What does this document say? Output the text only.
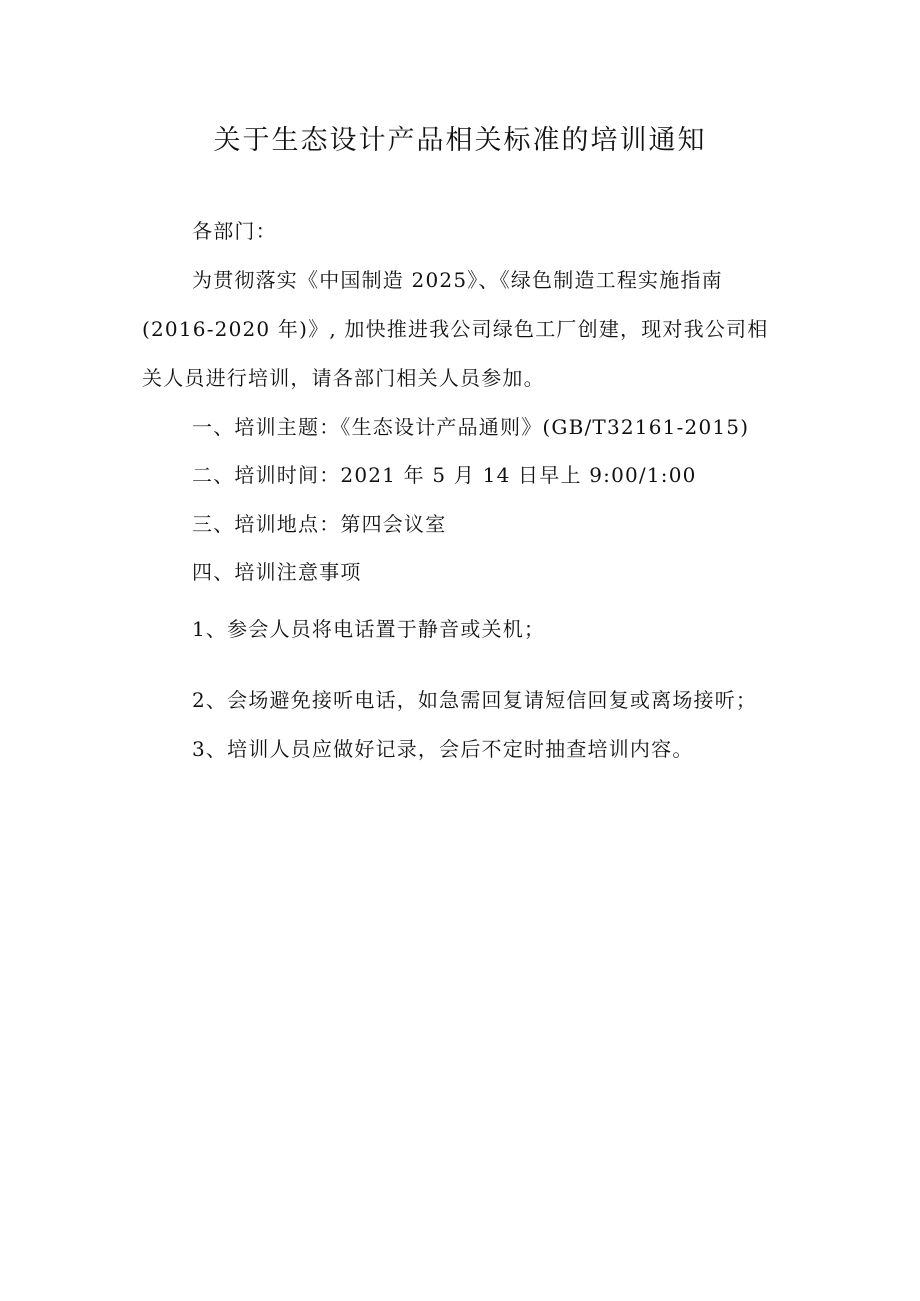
关于生态设计产品相关标准的培训通知
各部门：
为贯彻落实《中国制造 2025》、《绿色制造工程实施指南
(2016-2020 年)》, 加快推进我公司绿色工厂创建，现对我公司相
关人员进行培训，请各部门相关人员参加。
一、培训主题：《生态设计产品通则》(GB/T32161-2015)
二、培训时间：2021 年 5 月 14 日早上 9:00/1:00
三、培训地点：第四会议室
四、培训注意事项
1、参会人员将电话置于静音或关机；
2、会场避免接听电话，如急需回复请短信回复或离场接听；
3、培训人员应做好记录，会后不定时抽查培训内容。
